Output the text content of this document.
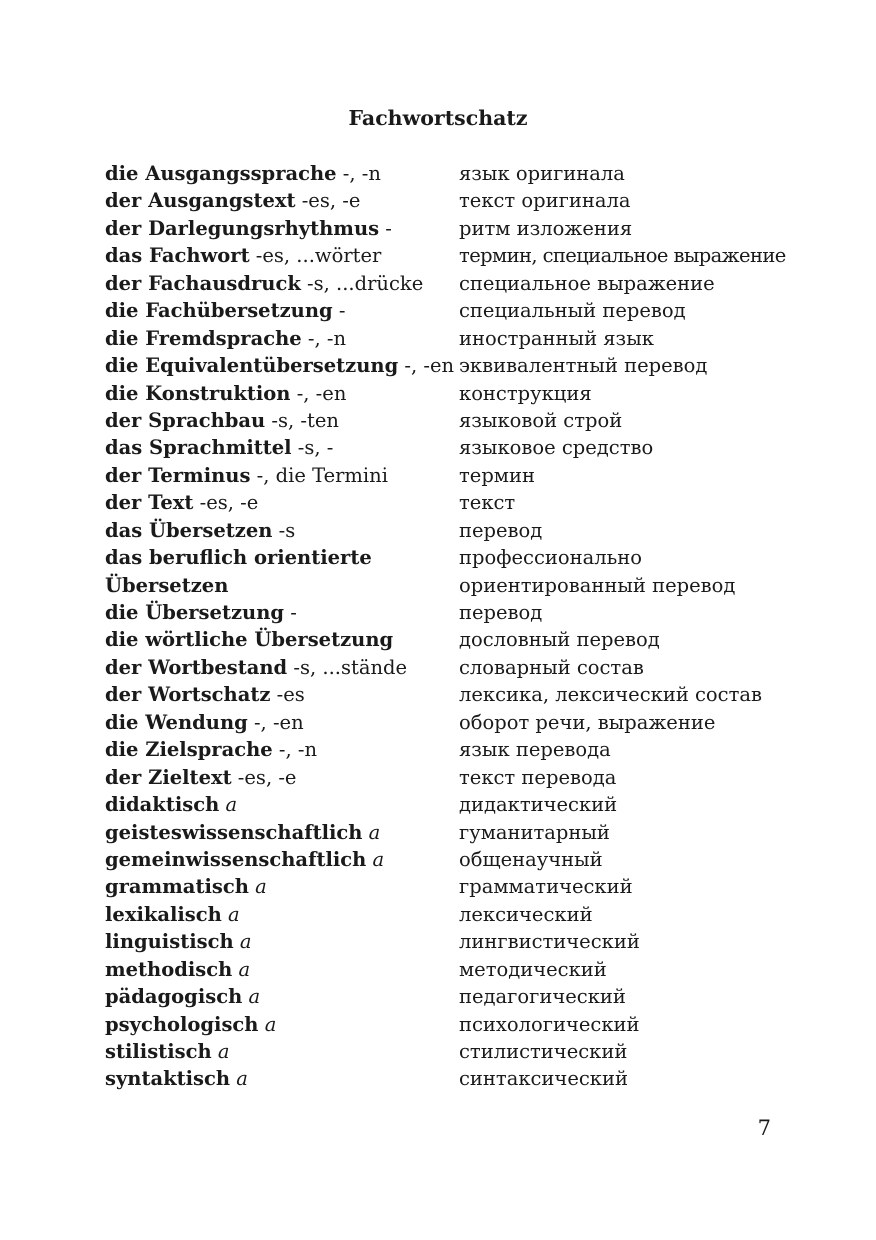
Fachwortschatz
die Ausgangssprache -, -n	язык оригинала
der Ausgangstext -es, -e	текст оригинала
der Darlegungsrhythmus -	ритм изложения
das Fachwort -es, ...wörter	термин, специальное выражение
der Fachausdruck -s, ...drücke специальное выражение
die Fachübersetzung -	специальный перевод
die Fremdsprache -, -n	иностранный язык
die Equivalentübersetzung -, -en эквивалентный перевод
die Konstruktion -, -en	конструкция
der Sprachbau -s, -ten	языковой строй
das Sprachmittel -s, -	языковое средство
der Terminus -, die Termini	термин
der Text -es, -e	текст
das Übersetzen -s	перевод
das beruflich orientierte	профессионально
Übersetzen	ориентированный перевод
die Übersetzung -	перевод
die wörtliche Übersetzung	дословный перевод
der Wortbestand -s, ...stände	словарный состав
der Wortschatz -es	лексика, лексический состав
die Wendung -, -en	оборот речи, выражение
die Zielsprache -, -n	язык перевода
der Zieltext -es, -e	текст перевода
didaktisch a	дидактический
geisteswissenschaftlich a	гуманитарный
gemeinwissenschaftlich a	общенаучный
grammatisch a	грамматический
lexikalisch a	лексический
linguistisch a	лингвистический
methodisch a	методический
pädagogisch a	педагогический
psychologisch a	психологический
stilistisch a	стилистический
syntaktisch a	синтаксический
7
